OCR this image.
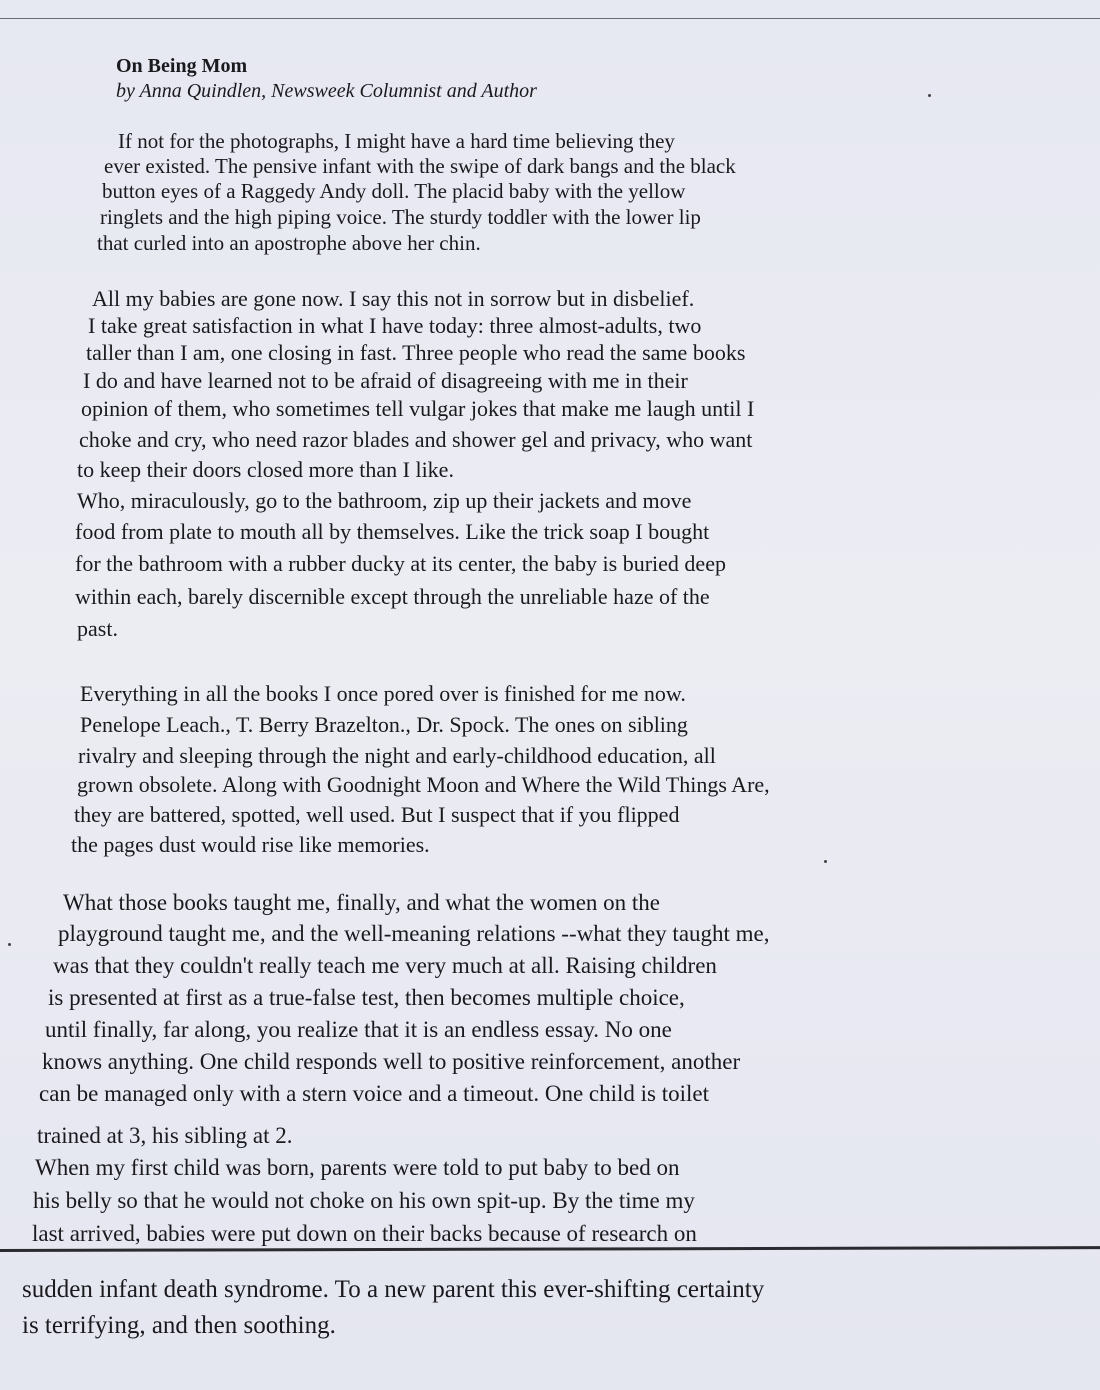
On Being Mom
by Anna Quindlen, Newsweek Columnist and Author
If not for the photographs, I might have a hard time believing they
ever existed. The pensive infant with the swipe of dark bangs and the black
button eyes of a Raggedy Andy doll. The placid baby with the yellow
ringlets and the high piping voice. The sturdy toddler with the lower lip
that curled into an apostrophe above her chin.
All my babies are gone now. I say this not in sorrow but in disbelief.
I take great satisfaction in what I have today: three almost-adults, two
taller than I am, one closing in fast. Three people who read the same books
I do and have learned not to be afraid of disagreeing with me in their
opinion of them, who sometimes tell vulgar jokes that make me laugh until I
choke and cry, who need razor blades and shower gel and privacy, who want
to keep their doors closed more than I like.
Who, miraculously, go to the bathroom, zip up their jackets and move
food from plate to mouth all by themselves. Like the trick soap I bought
for the bathroom with a rubber ducky at its center, the baby is buried deep
within each, barely discernible except through the unreliable haze of the
past.
Everything in all the books I once pored over is finished for me now.
Penelope Leach., T. Berry Brazelton., Dr. Spock. The ones on sibling
rivalry and sleeping through the night and early-childhood education, all
grown obsolete. Along with Goodnight Moon and Where the Wild Things Are,
they are battered, spotted, well used. But I suspect that if you flipped
the pages dust would rise like memories.
What those books taught me, finally, and what the women on the
playground taught me, and the well-meaning relations --what they taught me,
was that they couldn't really teach me very much at all. Raising children
is presented at first as a true-false test, then becomes multiple choice,
until finally, far along, you realize that it is an endless essay. No one
knows anything. One child responds well to positive reinforcement, another
can be managed only with a stern voice and a timeout. One child is toilet
trained at 3, his sibling at 2.
When my first child was born, parents were told to put baby to bed on
his belly so that he would not choke on his own spit-up. By the time my
last arrived, babies were put down on their backs because of research on
sudden infant death syndrome. To a new parent this ever-shifting certainty
is terrifying, and then soothing.
